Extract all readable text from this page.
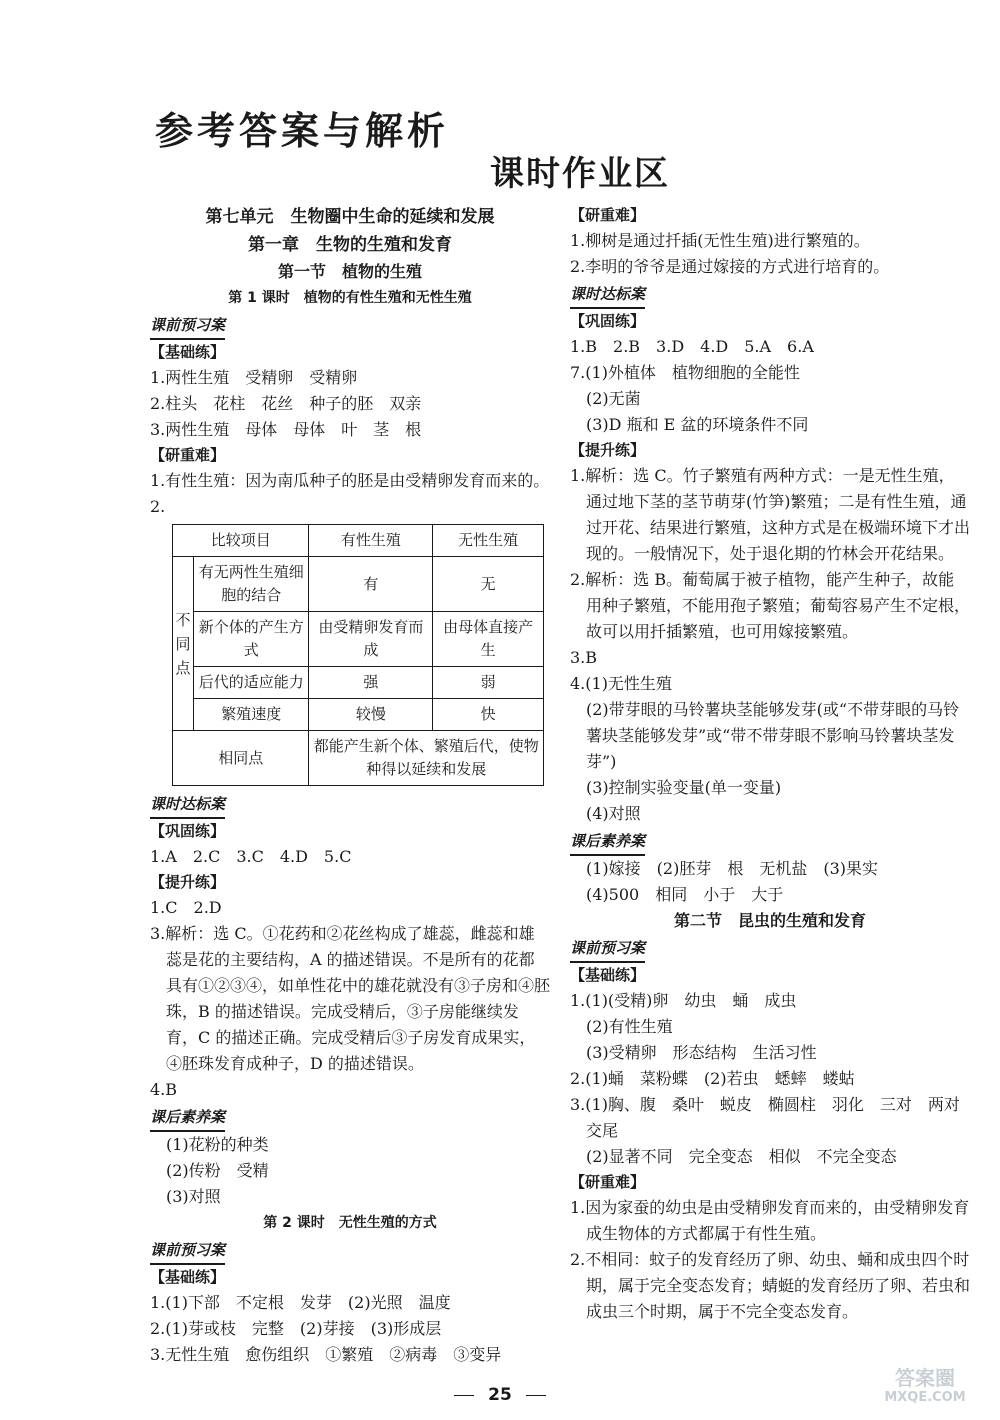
参考答案与解析
课时作业区
第七单元　生物圈中生命的延续和发展
第一章　生物的生殖和发育
第一节　植物的生殖
第 1 课时　植物的有性生殖和无性生殖
课前预习案
【基础练】
1.两性生殖　受精卵　受精卵
2.柱头　花柱　花丝　种子的胚　双亲
3.两性生殖　母体　母体　叶　茎　根
【研重难】
1.有性生殖：因为南瓜种子的胚是由受精卵发育而来的。
2.
比较项目		有性生殖	无性生殖

不同点	有无两性生殖细胞的结合	有	无
	新个体的产生方式	由受精卵发育而成	由母体直接产生
	后代的适应能力	强	弱
	繁殖速度	较慢	快
相同点		都能产生新个体、繁殖后代，使物种得以延续和发展	
课时达标案
【巩固练】
1.A　2.C　3.C　4.D　5.C
【提升练】
1.C　2.D
3.解析：选 C。①花药和②花丝构成了雄蕊，雌蕊和雄蕊是花的主要结构，A 的描述错误。不是所有的花都具有①②③④，如单性花中的雄花就没有③子房和④胚珠，B 的描述错误。完成受精后，③子房能继续发育，C 的描述正确。完成受精后③子房发育成果实，④胚珠发育成种子，D 的描述错误。
4.B
课后素养案
(1)花粉的种类
(2)传粉　受精
(3)对照
第 2 课时　无性生殖的方式
课前预习案
【基础练】
1.(1)下部　不定根　发芽　(2)光照　温度
2.(1)芽或枝　完整　(2)芽接　(3)形成层
3.无性生殖　愈伤组织　①繁殖　②病毒　③变异
【研重难】
1.柳树是通过扦插(无性生殖)进行繁殖的。
2.李明的爷爷是通过嫁接的方式进行培育的。
课时达标案
【巩固练】
1.B　2.B　3.D　4.D　5.A　6.A
7.(1)外植体　植物细胞的全能性
(2)无菌
(3)D 瓶和 E 盆的环境条件不同
【提升练】
1.解析：选 C。竹子繁殖有两种方式：一是无性生殖，通过地下茎的茎节萌芽(竹笋)繁殖；二是有性生殖，通过开花、结果进行繁殖，这种方式是在极端环境下才出现的。一般情况下，处于退化期的竹林会开花结果。
2.解析：选 B。葡萄属于被子植物，能产生种子，故能用种子繁殖，不能用孢子繁殖；葡萄容易产生不定根，故可以用扦插繁殖，也可用嫁接繁殖。
3.B
4.(1)无性生殖
(2)带芽眼的马铃薯块茎能够发芽(或“不带芽眼的马铃薯块茎能够发芽”或“带不带芽眼不影响马铃薯块茎发芽”)
(3)控制实验变量(单一变量)
(4)对照
课后素养案
(1)嫁接　(2)胚芽　根　无机盐　(3)果实
(4)500　相同　小于　大于
第二节　昆虫的生殖和发育
课前预习案
【基础练】
1.(1)(受精)卵　幼虫　蛹　成虫
(2)有性生殖
(3)受精卵　形态结构　生活习性
2.(1)蛹　菜粉蝶　(2)若虫　蟋蟀　蝼蛄
3.(1)胸、腹　桑叶　蜕皮　椭圆柱　羽化　三对　两对　交尾
(2)显著不同　完全变态　相似　不完全变态
【研重难】
1.因为家蚕的幼虫是由受精卵发育而来的，由受精卵发育成生物体的方式都属于有性生殖。
2.不相同：蚊子的发育经历了卵、幼虫、蛹和成虫四个时期，属于完全变态发育；蜻蜓的发育经历了卵、若虫和成虫三个时期，属于不完全变态发育。
25
答案圈
MXQE.COM
